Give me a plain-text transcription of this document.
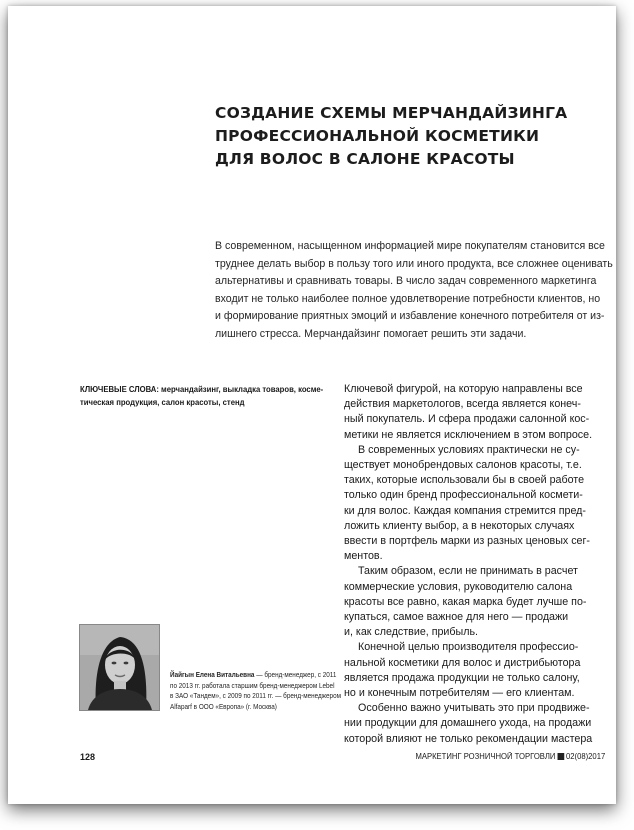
СОЗДАНИЕ СХЕМЫ МЕРЧАНДАЙЗИНГА
ПРОФЕССИОНАЛЬНОЙ КОСМЕТИКИ
ДЛЯ ВОЛОС В САЛОНЕ КРАСОТЫ
В современном, насыщенном информацией мире покупателям становится все
труднее делать выбор в пользу того или иного продукта, все сложнее оценивать
альтернативы и сравнивать товары. В число задач современного маркетинга
входит не только наиболее полное удовлетворение потребности клиентов, но
и формирование приятных эмоций и избавление конечного потребителя от из-
лишнего стресса. Мерчандайзинг помогает решить эти задачи.
КЛЮЧЕВЫЕ СЛОВА: мерчандайзинг, выкладка товаров, косме-
тическая продукция, салон красоты, стенд
Ключевой фигурой, на которую направлены все
действия маркетологов, всегда является конеч-
ный покупатель. И сфера продажи салонной кос-
метики не является исключением в этом вопросе.
В современных условиях практически не су-
ществует монобрендовых салонов красоты, т.е.
таких, которые использовали бы в своей работе
только один бренд профессиональной космети-
ки для волос. Каждая компания стремится пред-
ложить клиенту выбор, а в некоторых случаях
ввести в портфель марки из разных ценовых сег-
ментов.
Таким образом, если не принимать в расчет
коммерческие условия, руководителю салона
красоты все равно, какая марка будет лучше по-
купаться, самое важное для него — продажи
и, как следствие, прибыль.
Конечной целью производителя профессио-
нальной косметики для волос и дистрибьютора
является продажа продукции не только салону,
но и конечным потребителям — его клиентам.
Особенно важно учитывать это при продвиже-
нии продукции для домашнего ухода, на продажи
которой влияют не только рекомендации мастера
Йайгын Елена Витальевна — бренд-менеджер, с 2011
по 2013 гг. работала старшим бренд-менеджером Lebel
в ЗАО «Тандем», с 2009 по 2011 гг. — бренд-менеджером
Alfaparf в ООО «Европа» (г. Москва)
128	МАРКЕТИНГ РОЗНИЧНОЙ ТОРГОВЛИ 02(08)2017
